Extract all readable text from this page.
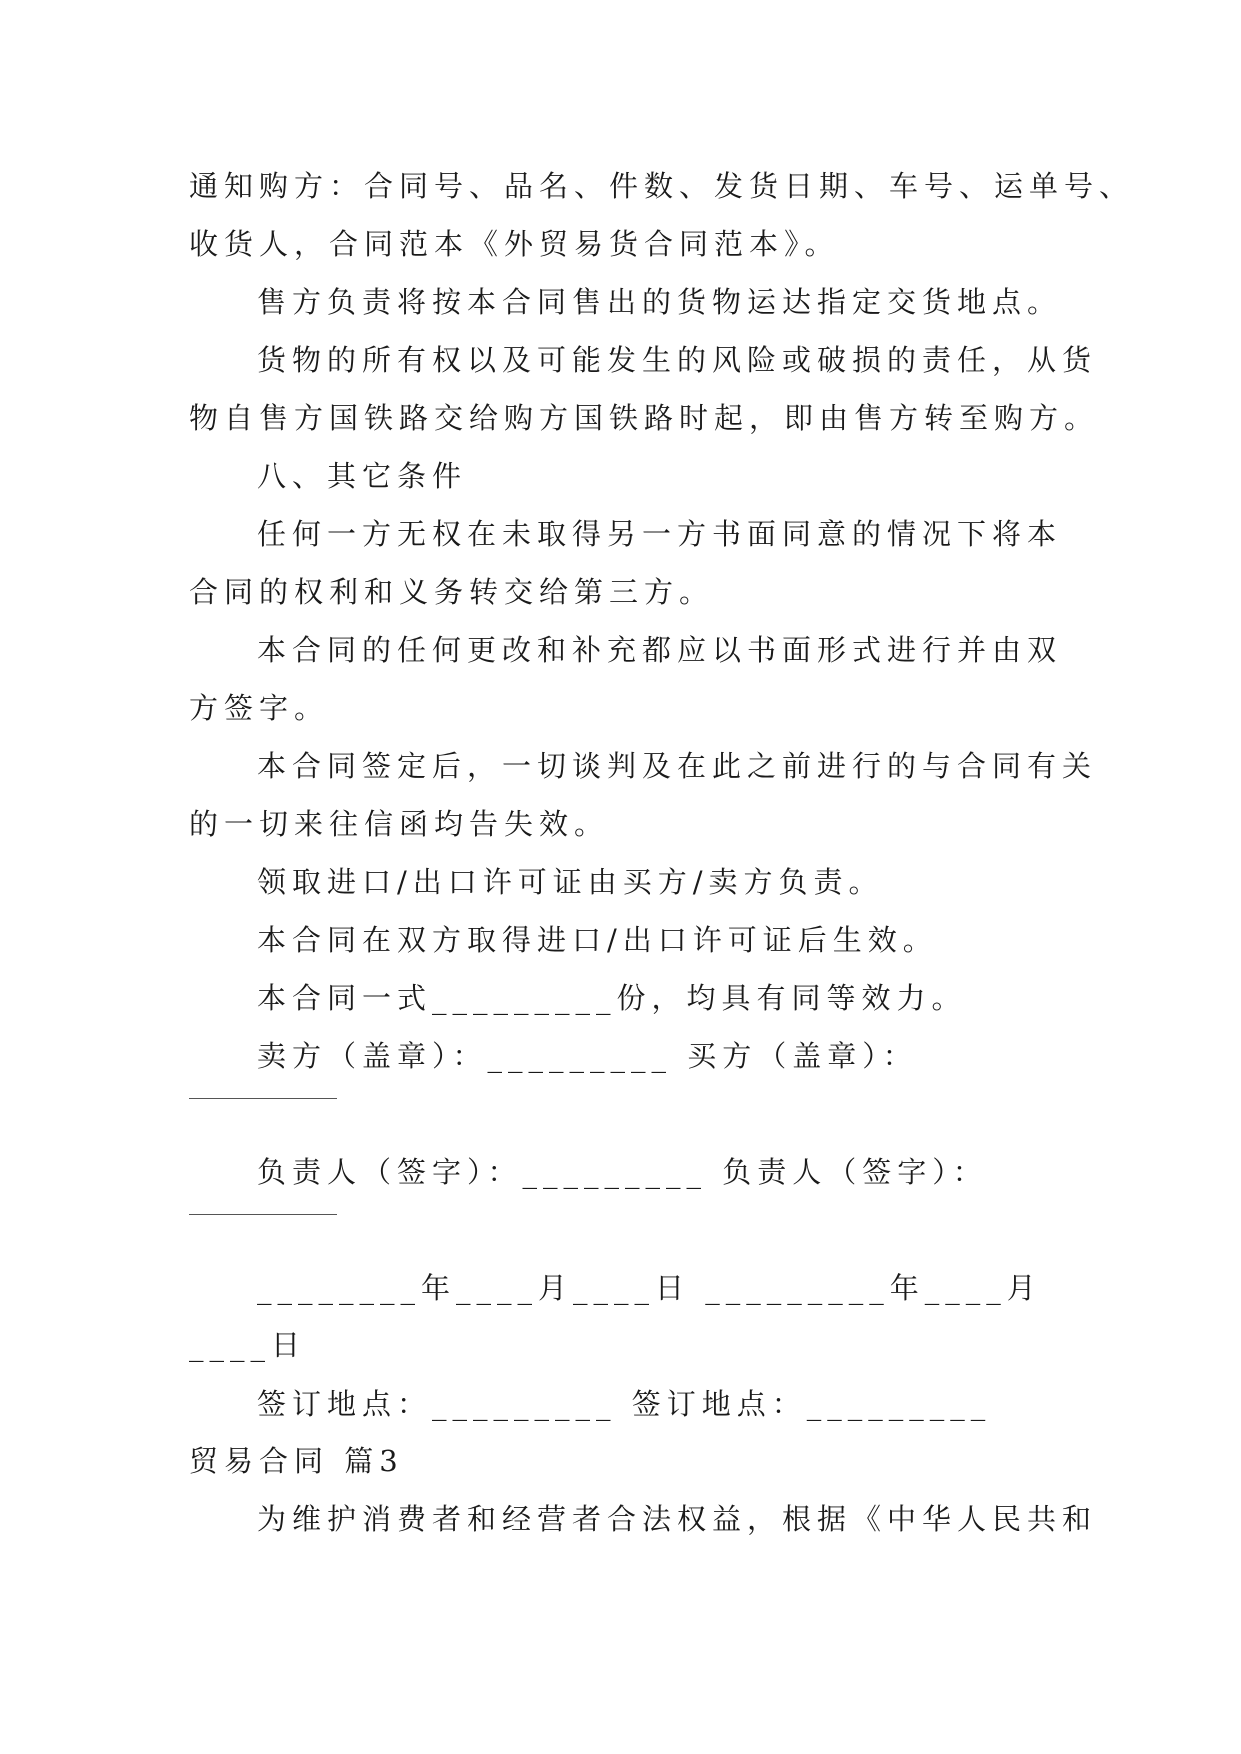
通知购方：合同号、品名、件数、发货日期、车号、运单号、
收货人，合同范本《外贸易货合同范本》。
售方负责将按本合同售出的货物运达指定交货地点。
货物的所有权以及可能发生的风险或破损的责任，从货
物自售方国铁路交给购方国铁路时起，即由售方转至购方。
八、其它条件
任何一方无权在未取得另一方书面同意的情况下将本
合同的权利和义务转交给第三方。
本合同的任何更改和补充都应以书面形式进行并由双
方签字。
本合同签定后，一切谈判及在此之前进行的与合同有关
的一切来往信函均告失效。
领取进口/出口许可证由买方/卖方负责。
本合同在双方取得进口/出口许可证后生效。
本合同一式_________份，均具有同等效力。
卖方（盖章）：_________ 买方（盖章）：
负责人（签字）：_________ 负责人（签字）：
________年____月____日 _________年____月
____日
签订地点：_________ 签订地点：_________
贸易合同 篇3
为维护消费者和经营者合法权益，根据《中华人民共和
